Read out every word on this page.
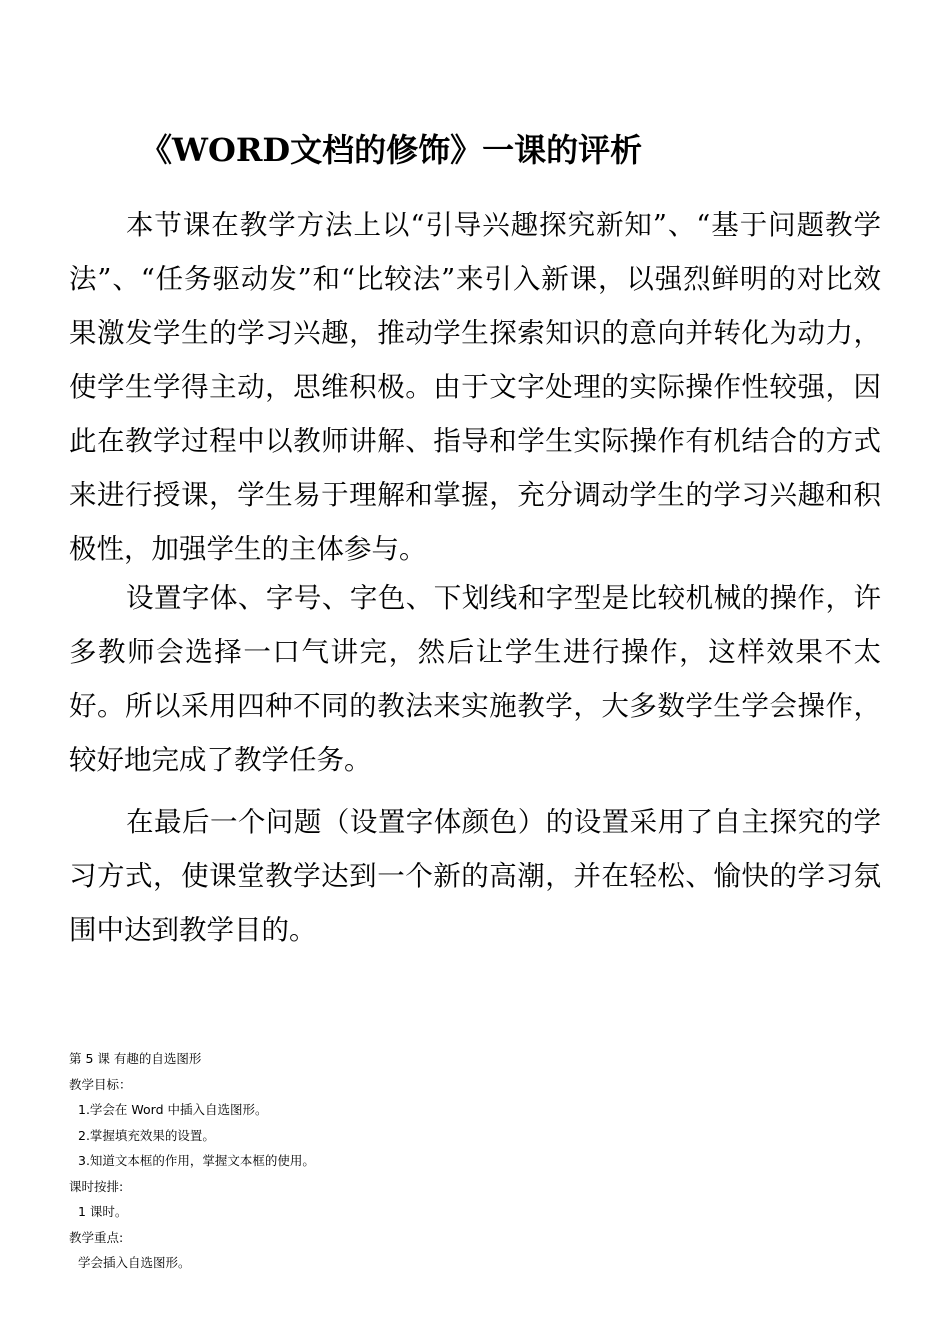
《WORD文档的修饰》一课的评析

本节课在教学方法上以“引导兴趣探究新知”、“基于问题教学法”、“任务驱动发”和“比较法”来引入新课，以强烈鲜明的对比效果激发学生的学习兴趣，推动学生探索知识的意向并转化为动力，使学生学得主动，思维积极。由于文字处理的实际操作性较强，因此在教学过程中以教师讲解、指导和学生实际操作有机结合的方式来进行授课，学生易于理解和掌握，充分调动学生的学习兴趣和积极性，加强学生的主体参与。

设置字体、字号、字色、下划线和字型是比较机械的操作，许多教师会选择一口气讲完，然后让学生进行操作，这样效果不太好。所以采用四种不同的教法来实施教学，大多数学生学会操作，较好地完成了教学任务。

在最后一个问题（设置字体颜色）的设置采用了自主探究的学习方式，使课堂教学达到一个新的高潮，并在轻松、愉快的学习氛围中达到教学目的。

第 5 课 有趣的自选图形
教学目标：
1.学会在 Word 中插入自选图形。
2.掌握填充效果的设置。
3.知道文本框的作用，掌握文本框的使用。
课时按排:
1 课时。
教学重点:
学会插入自选图形。
